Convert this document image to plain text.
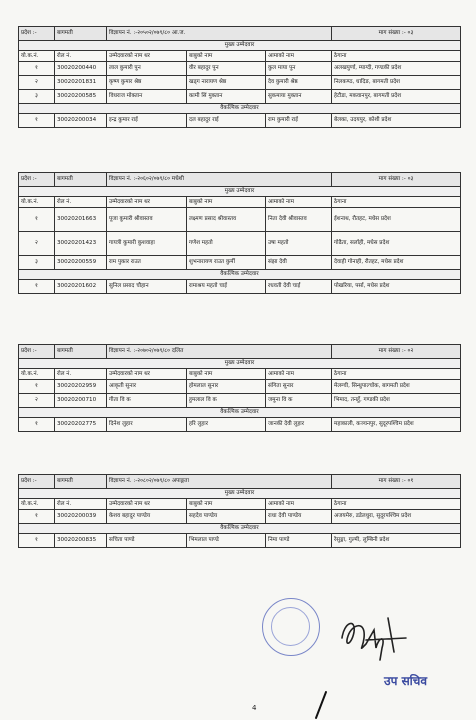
प्रदेश :-	बागमती	विज्ञापन नं. :-२०५०२/०७९/८० आ.ज.			माग संख्या :- ०३
मुख्य उम्मेदवार					
यो.क.नं.	रोल नं.	उम्मेदवारको नाम थर	बाबुको नाम	आमाको नाम	ठेगाना
१	30020200440	लाल कुमारी पुन	वीर बहादुर पुन	कुल माया पुन	अलखपुर्णा, म्याग्दी, गण्डकी प्रदेश
२	30020201831	कृष्ण कुमार श्रेष्ठ	खड्ग नारायण श्रेष्ठ	देव कुमारी श्रेष्ठ	निलकण्ठ, धादिङ, बागमती प्रदेश
३	30020200585	विधराज मोक्तान	कामी सिं मुक्तान	सुकमाया मुक्तान	हेटौडा, मकवानपुर, बागमती प्रदेश
वैकल्पिक उम्मेदवार					
१	30020200034	इन्द्र कुमार राई	दल बहादुर राई	राम कुमारी राई	बेलका, उदयपुर, कोशी प्रदेश
प्रदेश :-	बागमती	विज्ञापन नं. :-२०६०२/०७९/८० मधेशी			माग संख्या :- ०३
मुख्य उम्मेदवार					
यो.क.नं.	रोल नं.	उम्मेदवारको नाम थर	बाबुको नाम	आमाको नाम	ठेगाना
१	30020201663	पूजा कुमारी श्रीवास्तव	लक्ष्मण प्रसाद श्रीवास्तव	निता देवी श्रीवास्तव	ईशनाथ, रौतहट, मधेस प्रदेश
२	30020201423	गायत्री कुमारी कुशवाहा	गणेश महतो	उषा महतो	गोढैता, सर्लाही, मधेस प्रदेश
३	30020200559	राम पुकार राउत	शुभनारायण राउत कुर्मी	संझा देवी	देवाही गोनाही, रौतहट, मधेस प्रदेश
वैकल्पिक उम्मेदवार					
१	30020201602	सुनिल प्रसाद चौहान	रामाश्रय महतो चाई	रधवती देवी चाई	पोखरिया, पर्सा, मधेस प्रदेश
प्रदेश :-	बागमती	विज्ञापन नं. :-२०७०२/०७९/८० दलित			माग संख्या :- ०२
मुख्य उम्मेदवार					
यो.क.नं.	रोल नं.	उम्मेदवारको नाम थर	बाबुको नाम	आमाको नाम	ठेगाना
१	30020202959	आकृती सुनार	होमलाल सुनार	संगिता सुनार	मेलम्ची, सिन्धुपाल्चोक, बागमती प्रदेश
२	30020200710	गीता वि क	हुमलाल वि क	जमुना वि क	भिमाद, तनहुँ, गण्डकी प्रदेश
वैकल्पिक उम्मेदवार					
१	30020202775	दिनेश लुहार	हरि लुहार	जानकी देवी लुहार	महाकाली, कञ्चनपुर, सुदूरपश्चिम प्रदेश
प्रदेश :-	बागमती	विज्ञापन नं. :-२०८०२/०७९/८० अपाङ्गता			माग संख्या :- ०१
मुख्य उम्मेदवार					
यो.क.नं.	रोल नं.	उम्मेदवारको नाम थर	बाबुको नाम	आमाको नाम	ठेगाना
१	30020200039	केशव बहादुर पाण्डेय	सहदेव पाण्डेय	राधा देवी पाण्डेय	अजयमेरु, डडेलधुरा, सुदूरपश्चिम प्रदेश
वैकल्पिक उम्मेदवार					
१	30020200835	सचिता पाण्डे	भिमलाल पाण्डे	निमा पाण्डे	रेसुङ्गा, गुल्मी, लुम्बिनी प्रदेश
उप सचिव
4
